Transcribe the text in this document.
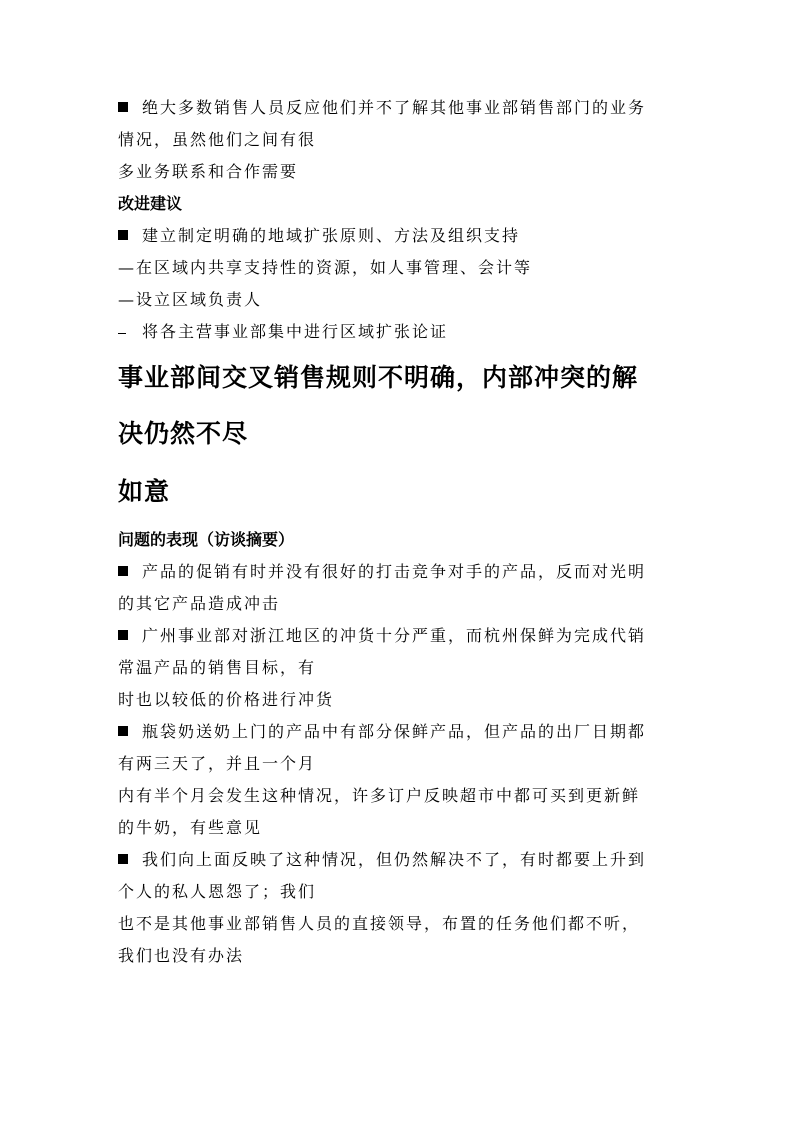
绝大多数销售人员反应他们并不了解其他事业部销售部门的业务

情况，虽然他们之间有很

多业务联系和合作需要

改进建议

建立制定明确的地域扩张原则、方法及组织支持

—在区域内共享支持性的资源，如人事管理、会计等

—设立区域负责人

将各主营事业部集中进行区域扩张论证

事业部间交叉销售规则不明确，内部冲突的解

决仍然不尽

如意

问题的表现（访谈摘要）

产品的促销有时并没有很好的打击竞争对手的产品，反而对光明

的其它产品造成冲击

广州事业部对浙江地区的冲货十分严重，而杭州保鲜为完成代销

常温产品的销售目标，有

时也以较低的价格进行冲货

瓶袋奶送奶上门的产品中有部分保鲜产品，但产品的出厂日期都

有两三天了，并且一个月

内有半个月会发生这种情况，许多订户反映超市中都可买到更新鲜

的牛奶，有些意见

我们向上面反映了这种情况，但仍然解决不了，有时都要上升到

个人的私人恩怨了；我们

也不是其他事业部销售人员的直接领导，布置的任务他们都不听，

我们也没有办法
